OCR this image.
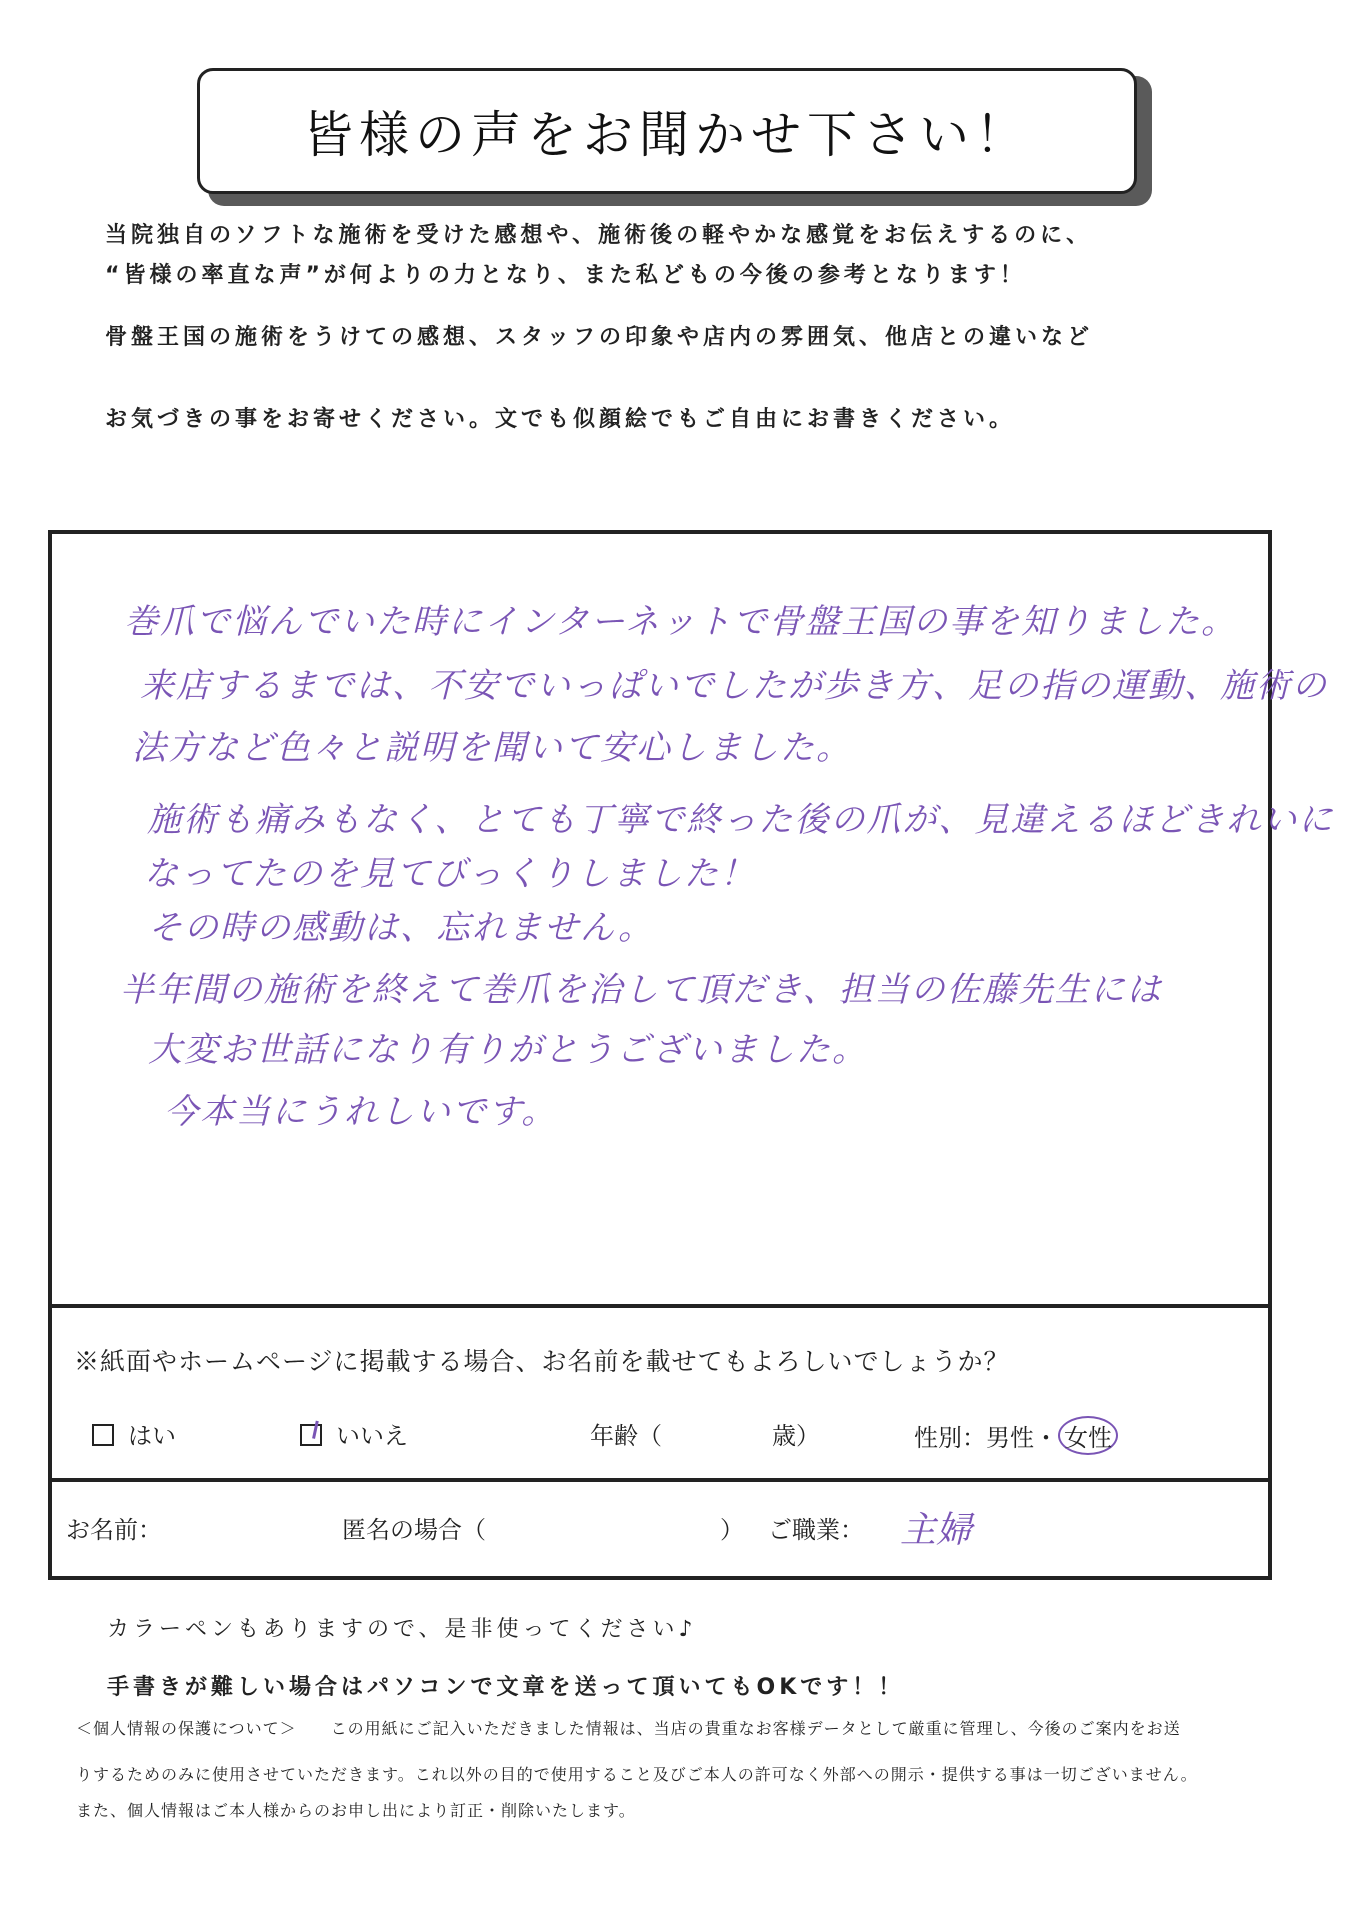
皆様の声をお聞かせ下さい！
当院独自のソフトな施術を受けた感想や、施術後の軽やかな感覚をお伝えするのに、
“皆様の率直な声”が何よりの力となり、また私どもの今後の参考となります！
骨盤王国の施術をうけての感想、スタッフの印象や店内の雰囲気、他店との違いなど
お気づきの事をお寄せください。文でも似顔絵でもご自由にお書きください。
巻爪で悩んでいた時にインターネットで骨盤王国の事を知りました。
来店するまでは、不安でいっぱいでしたが歩き方、足の指の運動、施術の
法方など色々と説明を聞いて安心しました。
施術も痛みもなく、とても丁寧で終った後の爪が、見違えるほどきれいに
なってたのを見てびっくりしました！
その時の感動は、忘れません。
半年間の施術を終えて巻爪を治して頂だき、担当の佐藤先生には
大変お世話になり有りがとうございました。
今本当にうれしいです。
※紙面やホームページに掲載する場合、お名前を載せてもよろしいでしょうか？
はい	いいえ	年齢（	歳）	性別：男性・ 女性
お名前：	匿名の場合（	） ご職業： 主婦
カラーペンもありますので、是非使ってください♪
手書きが難しい場合はパソコンで文章を送って頂いてもOKです！！
＜個人情報の保護について＞　　この用紙にご記入いただきました情報は、当店の貴重なお客様データとして厳重に管理し、今後のご案内をお送
りするためのみに使用させていただきます。これ以外の目的で使用すること及びご本人の許可なく外部への開示・提供する事は一切ございません。
また、個人情報はご本人様からのお申し出により訂正・削除いたします。
